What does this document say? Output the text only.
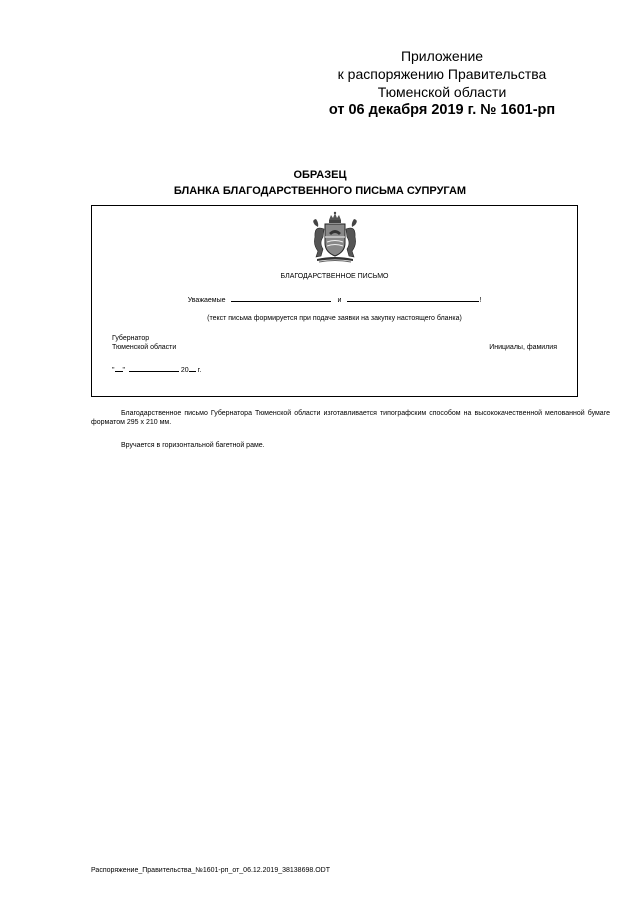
Приложение
к распоряжению Правительства
Тюменской области
от 06 декабря 2019 г. № 1601-рп
ОБРАЗЕЦ
БЛАНКА БЛАГОДАРСТВЕННОГО ПИСЬМА СУПРУГАМ
БЛАГОДАРСТВЕННОЕ ПИСЬМО
Уважаемые	и	!
(текст письма формируется при подаче заявки на закупку настоящего бланка)
Губернатор
Тюменской области	Инициалы, фамилия
" "	20 г.
Благодарственное письмо Губернатора Тюменской области изготавливается типографским способом на высококачественной мелованной бумаге форматом 295 x 210 мм.
Вручается в горизонтальной багетной раме.
Распоряжение_Правительства_№1601-рп_от_06.12.2019_38138698.ODT
